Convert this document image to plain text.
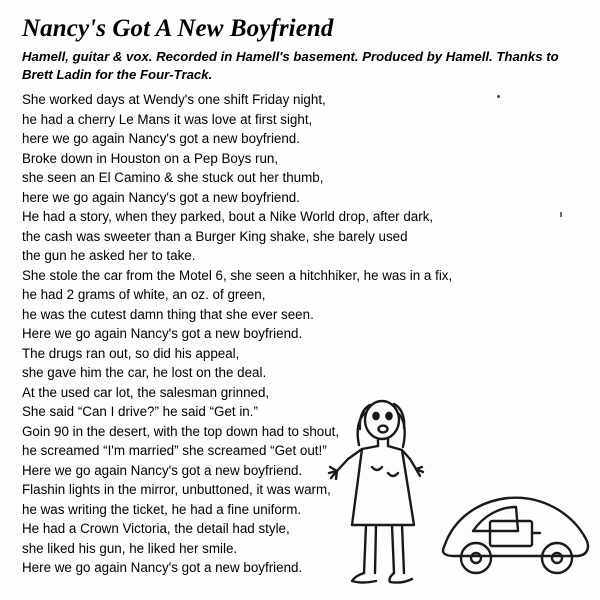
Nancy's Got A New Boyfriend

Hamell, guitar & vox. Recorded in Hamell's basement. Produced by Hamell. Thanks to Brett Ladin for the Four-Track.

She worked days at Wendy's one shift Friday night,
he had a cherry Le Mans it was love at first sight,
here we go again Nancy's got a new boyfriend.
Broke down in Houston on a Pep Boys run,
she seen an El Camino & she stuck out her thumb,
here we go again Nancy's got a new boyfriend.
He had a story, when they parked, bout a Nike World drop, after dark,
the cash was sweeter than a Burger King shake, she barely used
the gun he asked her to take.
She stole the car from the Motel 6, she seen a hitchhiker, he was in a fix,
he had 2 grams of white, an oz. of green,
he was the cutest damn thing that she ever seen.
Here we go again Nancy's got a new boyfriend.
The drugs ran out, so did his appeal,
she gave him the car, he lost on the deal.
At the used car lot, the salesman grinned,
She said “Can I drive?” he said “Get in.”
Goin 90 in the desert, with the top down had to shout,
he screamed “I'm married” she screamed “Get out!”
Here we go again Nancy's got a new boyfriend.
Flashin lights in the mirror, unbuttoned, it was warm,
he was writing the ticket, he had a fine uniform.
He had a Crown Victoria, the detail had style,
she liked his gun, he liked her smile.
Here we go again Nancy's got a new boyfriend.
